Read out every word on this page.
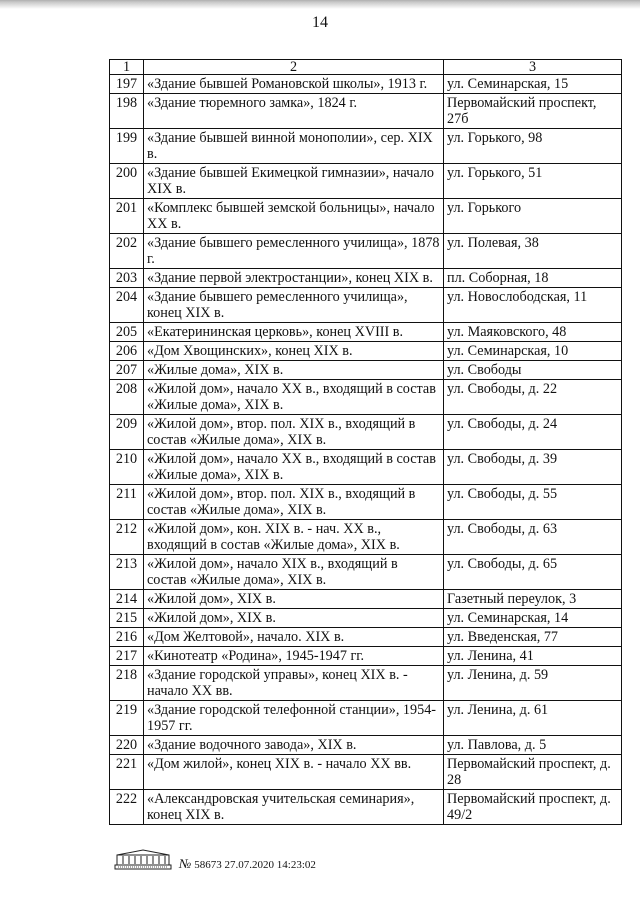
14
1	2	3
197	«Здание бывшей Романовской школы», 1913 г.	ул. Семинарская, 15
198	«Здание тюремного замка», 1824 г.	Первомайский проспект, 27б
199	«Здание бывшей винной монополии», сер. XIX в.	ул. Горького, 98
200	«Здание бывшей Екимецкой гимназии», начало XIX в.	ул. Горького, 51
201	«Комплекс бывшей земской больницы», начало XX в.	ул. Горького
202	«Здание бывшего ремесленного училища», 1878 г.	ул. Полевая, 38
203	«Здание первой электростанции», конец XIX в.	пл. Соборная, 18
204	«Здание бывшего ремесленного училища», конец XIX в.	ул. Новослободская, 11
205	«Екатерининская церковь», конец XVIII в.	ул. Маяковского, 48
206	«Дом Хвощинских», конец XIX в.	ул. Семинарская, 10
207	«Жилые дома», XIX в.	ул. Свободы
208	«Жилой дом», начало XX в., входящий в состав «Жилые дома», XIX в.	ул. Свободы, д. 22
209	«Жилой дом», втор. пол. XIX в., входящий в состав «Жилые дома», XIX в.	ул. Свободы, д. 24
210	«Жилой дом», начало XX в., входящий в состав «Жилые дома», XIX в.	ул. Свободы, д. 39
211	«Жилой дом», втор. пол. XIX в., входящий в состав «Жилые дома», XIX в.	ул. Свободы, д. 55
212	«Жилой дом», кон. XIX в. - нач. XX в., входящий в состав «Жилые дома», XIX в.	ул. Свободы, д. 63
213	«Жилой дом», начало XIX в., входящий в состав «Жилые дома», XIX в.	ул. Свободы, д. 65
214	«Жилой дом», XIX в.	Газетный переулок, 3
215	«Жилой дом», XIX в.	ул. Семинарская, 14
216	«Дом Желтовой», начало. XIX в.	ул. Введенская, 77
217	«Кинотеатр «Родина», 1945-1947 гг.	ул. Ленина, 41
218	«Здание городской управы», конец XIX в. - начало XX вв.	ул. Ленина, д. 59
219	«Здание городской телефонной станции», 1954-1957 гг.	ул. Ленина, д. 61
220	«Здание водочного завода», XIX в.	ул. Павлова, д. 5
221	«Дом жилой», конец XIX в. - начало XX вв.	Первомайский проспект, д. 28
222	«Александровская учительская семинария», конец XIX в.	Первомайский проспект, д. 49/2
№ 58673 27.07.2020 14:23:02
